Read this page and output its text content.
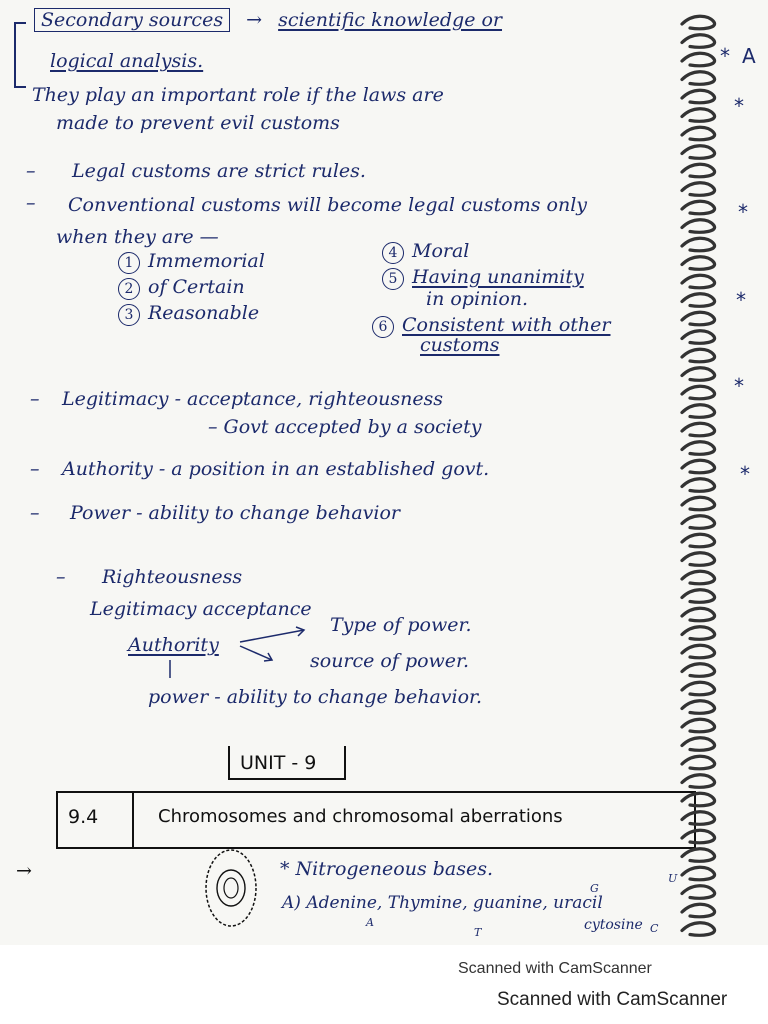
Secondary sources → scientific knowledge or
logical analysis.
They play an important role if the laws are
made to prevent evil customs
– Legal customs are strict rules.
– Conventional customs will become legal customs only
when they are —
1 Immemorial
2 of Certain
3 Reasonable
4 Moral
5 Having unanimity
in opinion.
6 Consistent with other
customs
– Legitimacy - acceptance, righteousness
– Govt accepted by a society
– Authority - a position in an established govt.
– Power - ability to change behavior
– Righteousness
Legitimacy acceptance
Authority
Type of power.
source of power.
power - ability to change behavior.
UNIT - 9
9.4	Chromosomes and chromosomal aberrations
→	* Nitrogeneous bases.
A) Adenine, Thymine, guanine, uracil
A
T
G
U
cytosine C
* A
*
*
*
*
*
Scanned with CamScanner
Scanned with CamScanner
